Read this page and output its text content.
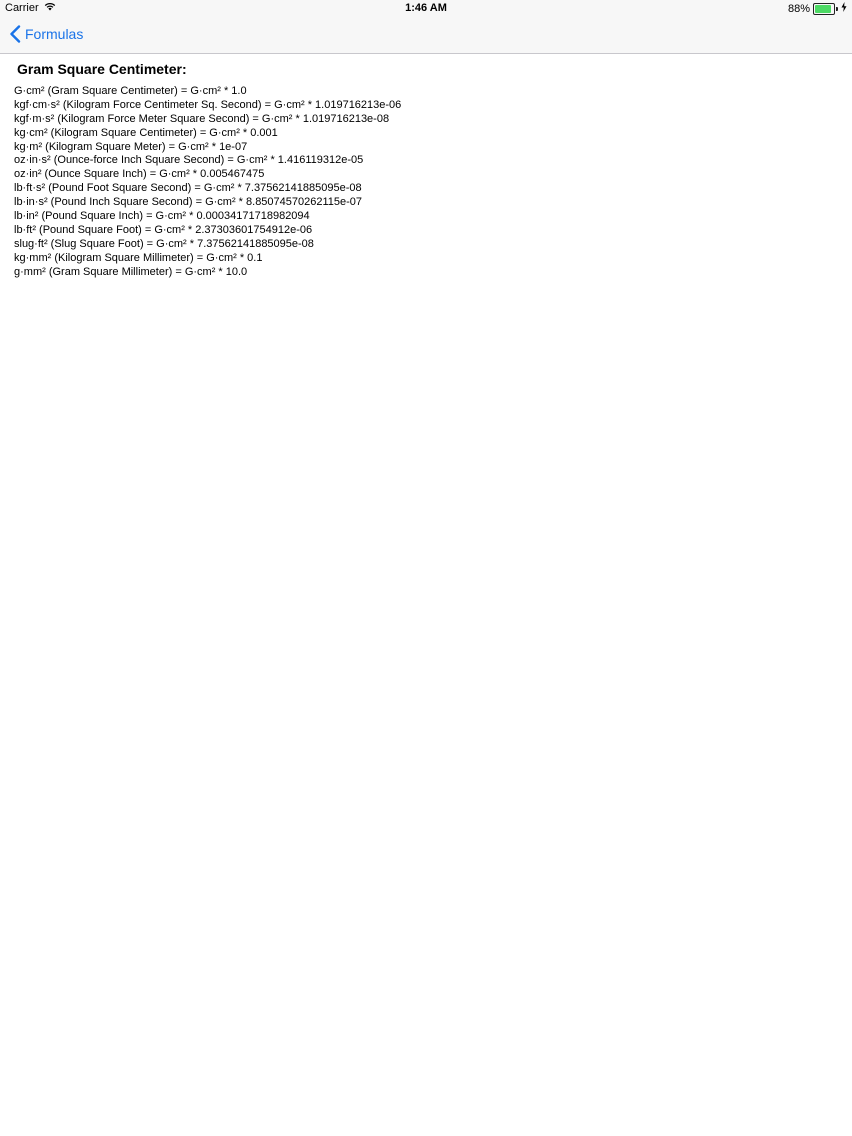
Carrier	1:46 AM	88%
Formulas
Gram Square Centimeter:
G·cm² (Gram Square Centimeter) = G·cm² * 1.0
kgf·cm·s² (Kilogram Force Centimeter Sq. Second) = G·cm² * 1.019716213e-06
kgf·m·s² (Kilogram Force Meter Square Second) = G·cm² * 1.019716213e-08
kg·cm² (Kilogram Square Centimeter) = G·cm² * 0.001
kg·m² (Kilogram Square Meter) = G·cm² * 1e-07
oz·in·s² (Ounce-force Inch Square Second) = G·cm² * 1.416119312e-05
oz·in² (Ounce Square Inch) = G·cm² * 0.005467475
lb·ft·s² (Pound Foot Square Second) = G·cm² * 7.37562141885095e-08
lb·in·s² (Pound Inch Square Second) = G·cm² * 8.85074570262115e-07
lb·in² (Pound Square Inch) = G·cm² * 0.00034171718982094
lb·ft² (Pound Square Foot) = G·cm² * 2.37303601754912e-06
slug·ft² (Slug Square Foot) = G·cm² * 7.37562141885095e-08
kg·mm² (Kilogram Square Millimeter) = G·cm² * 0.1
g·mm² (Gram Square Millimeter) = G·cm² * 10.0
